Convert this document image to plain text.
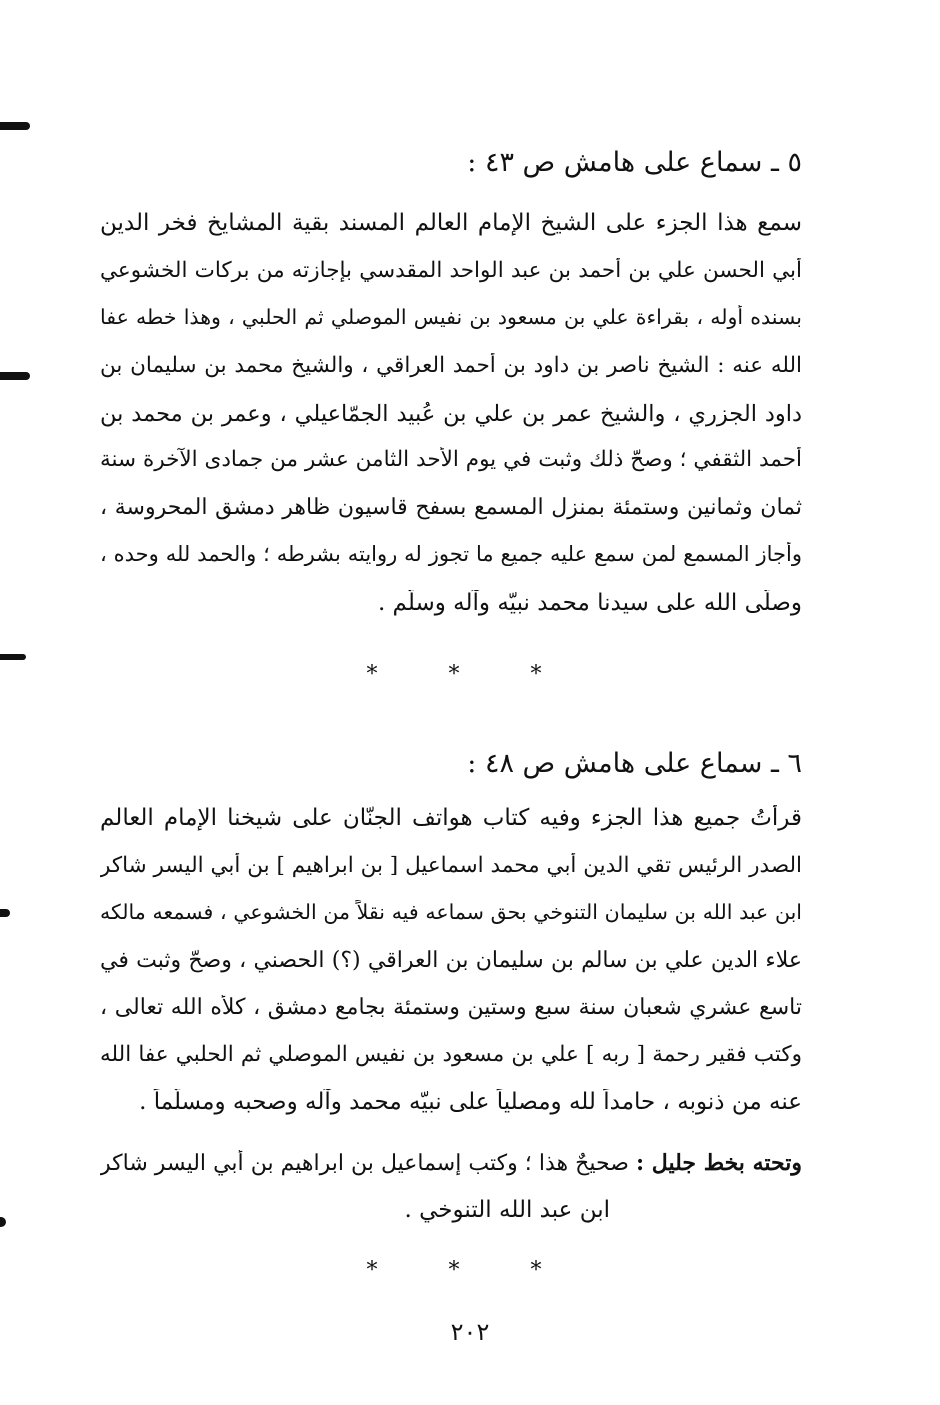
٥ ـ سماع على هامش ص ٤٣ :
سمع هذا الجزء على الشيخ الإمام العالم المسند بقية المشايخ فخر الدين
أبي الحسن علي بن أحمد بن عبد الواحد المقدسي بإجازته من بركات الخشوعي
بسنده أوله ، بقراءة علي بن مسعود بن نفيس الموصلي ثم الحلبي ، وهذا خطه عفا
الله عنه : الشيخ ناصر بن داود بن أحمد العراقي ، والشيخ محمد بن سليمان بن
داود الجزري ، والشيخ عمر بن علي بن عُبيد الجمّاعيلي ، وعمر بن محمد بن
أحمد الثقفي ؛ وصحّ ذلك وثبت في يوم الأحد الثامن عشر من جمادى الآخرة سنة
ثمان وثمانين وستمئة بمنزل المسمع بسفح قاسيون ظاهر دمشق المحروسة ،
وأجاز المسمع لمن سمع عليه جميع ما تجوز له روايته بشرطه ؛ والحمد لله وحده ،
وصلّى الله على سيدنا محمد نبيّه وآله وسلّم .
* * *
٦ ـ سماع على هامش ص ٤٨ :
قرأتُ جميع هذا الجزء وفيه كتاب هواتف الجنّان على شيخنا الإمام العالم
الصدر الرئيس تقي الدين أبي محمد اسماعيل [ بن ابراهيم ] بن أبي اليسر شاكر
ابن عبد الله بن سليمان التنوخي بحق سماعه فيه نقلاً من الخشوعي ، فسمعه مالكه
علاء الدين علي بن سالم بن سليمان بن العراقي (؟) الحصني ، وصحّ وثبت في
تاسع عشري شعبان سنة سبع وستين وستمئة بجامع دمشق ، كلأه الله تعالى ،
وكتب فقير رحمة [ ربه ] علي بن مسعود بن نفيس الموصلي ثم الحلبي عفا الله
عنه من ذنوبه ، حامداً لله ومصلياً على نبيّه محمد وآله وصحبه ومسلّماً .
وتحته بخط جليل : صحيحٌ هذا ؛ وكتب إسماعيل بن ابراهيم بن أبي اليسر شاكر
ابن عبد الله التنوخي .
* * *
٢٠٢
